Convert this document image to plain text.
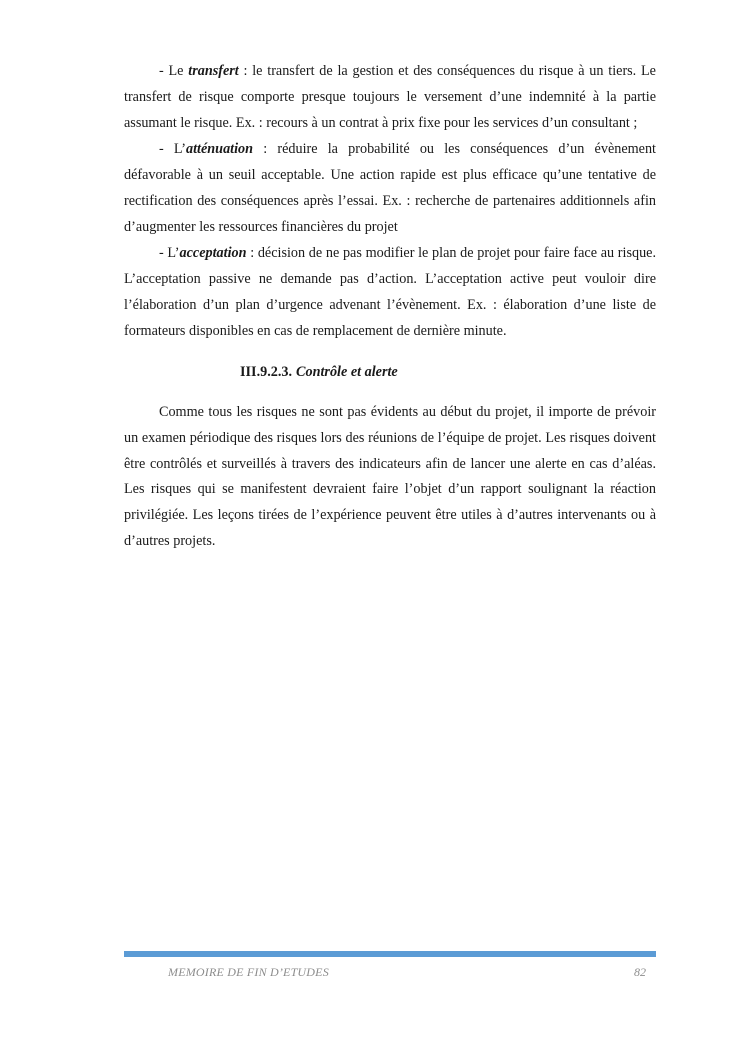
- Le transfert : le transfert de la gestion et des conséquences du risque à un tiers. Le transfert de risque comporte presque toujours le versement d’une indemnité à la partie assumant le risque. Ex. : recours à un contrat à prix fixe pour les services d’un consultant ;

- L’atténuation : réduire la probabilité ou les conséquences d’un évènement défavorable à un seuil acceptable. Une action rapide est plus efficace qu’une tentative de rectification des conséquences après l’essai. Ex. : recherche de partenaires additionnels afin d’augmenter les ressources financières du projet

- L’acceptation : décision de ne pas modifier le plan de projet pour faire face au risque. L’acceptation passive ne demande pas d’action. L’acceptation active peut vouloir dire l’élaboration d’un plan d’urgence advenant l’évènement. Ex. : élaboration d’une liste de formateurs disponibles en cas de remplacement de dernière minute.

III.9.2.3. Contrôle et alerte

Comme tous les risques ne sont pas évidents au début du projet, il importe de prévoir un examen périodique des risques lors des réunions de l’équipe de projet. Les risques doivent être contrôlés et surveillés à travers des indicateurs afin de lancer une alerte en cas d’aléas. Les risques qui se manifestent devraient faire l’objet d’un rapport soulignant la réaction privilégiée. Les leçons tirées de l’expérience peuvent être utiles à d’autres intervenants ou à d’autres projets.

MEMOIRE DE FIN D’ETUDES	82
